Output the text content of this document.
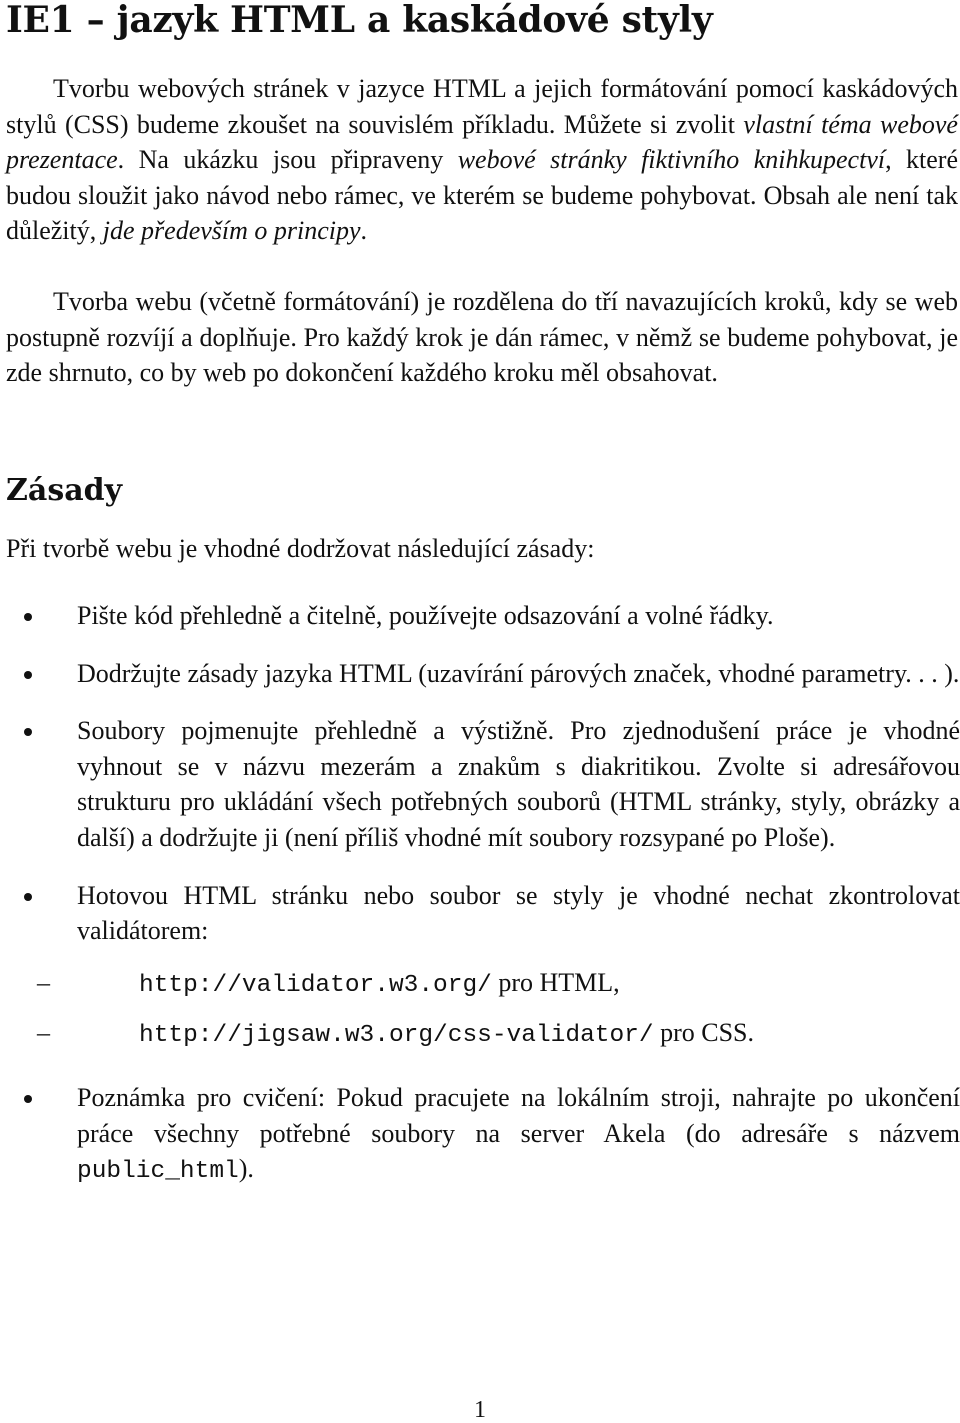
IE1 – jazyk HTML a kaskádové styly

Tvorbu webových stránek v jazyce HTML a jejich formátování pomocí kaskádových stylů (CSS) budeme zkoušet na souvislém příkladu. Můžete si zvolit vlastní téma webové prezentace. Na ukázku jsou připraveny webové stránky fiktivního knihkupectví, které budou sloužit jako návod nebo rámec, ve kterém se budeme pohybovat. Obsah ale není tak důležitý, jde především o principy.

Tvorba webu (včetně formátování) je rozdělena do tří navazujících kroků, kdy se web postupně rozvíjí a doplňuje. Pro každý krok je dán rámec, v němž se budeme pohybovat, je zde shrnuto, co by web po dokončení každého kroku měl obsahovat.

Zásady

Při tvorbě webu je vhodné dodržovat následující zásady:

Pište kód přehledně a čitelně, používejte odsazování a volné řádky.
Dodržujte zásady jazyka HTML (uzavírání párových značek, vhodné parametry. . . ).
Soubory pojmenujte přehledně a výstižně. Pro zjednodušení práce je vhodné vyhnout se v názvu mezerám a znakům s diakritikou. Zvolte si adresářovou strukturu pro ukládání všech potřebných souborů (HTML stránky, styly, obrázky a další) a dodržujte ji (není příliš vhodné mít soubory rozsypané po Ploše).
Hotovou HTML stránku nebo soubor se styly je vhodné nechat zkontrolovat validátorem:
–	http://validator.w3.org/ pro HTML,
–	http://jigsaw.w3.org/css-validator/ pro CSS.
Poznámka pro cvičení: Pokud pracujete na lokálním stroji, nahrajte po ukončení práce všechny potřebné soubory na server Akela (do adresáře s názvem public_html).
1
